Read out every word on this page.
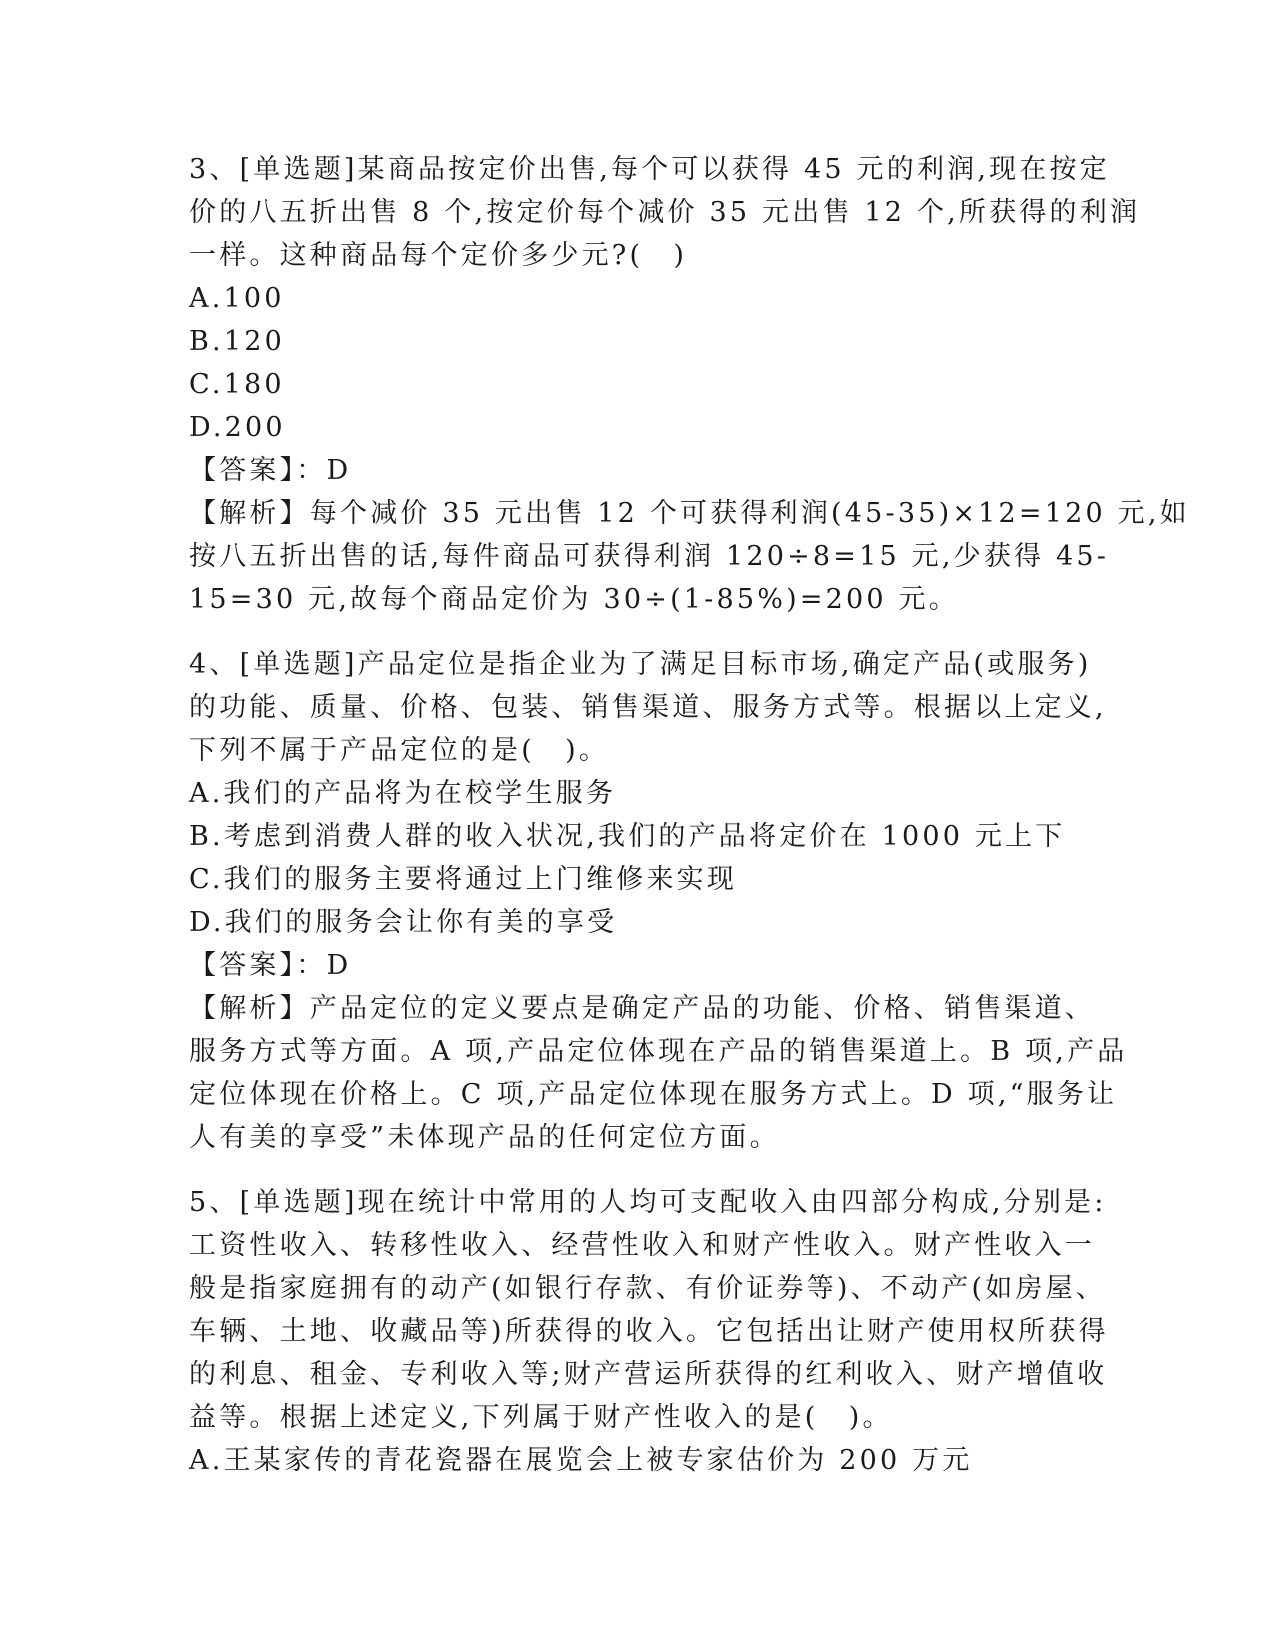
3、[单选题]某商品按定价出售,每个可以获得 45 元的利润,现在按定

价的八五折出售 8 个,按定价每个减价 35 元出售 12 个,所获得的利润

一样。这种商品每个定价多少元?(　)

A.100

B.120

C.180

D.200

【答案】：D

【解析】每个减价 35 元出售 12 个可获得利润(45-35)×12=120 元,如

按八五折出售的话,每件商品可获得利润 120÷8=15 元,少获得 45-

15=30 元,故每个商品定价为 30÷(1-85%)=200 元。

4、[单选题]产品定位是指企业为了满足目标市场,确定产品(或服务)

的功能、质量、价格、包装、销售渠道、服务方式等。根据以上定义,

下列不属于产品定位的是(　)。

A.我们的产品将为在校学生服务

B.考虑到消费人群的收入状况,我们的产品将定价在 1000 元上下

C.我们的服务主要将通过上门维修来实现

D.我们的服务会让你有美的享受

【答案】：D

【解析】产品定位的定义要点是确定产品的功能、价格、销售渠道、

服务方式等方面。A 项,产品定位体现在产品的销售渠道上。B 项,产品

定位体现在价格上。C 项,产品定位体现在服务方式上。D 项,“服务让

人有美的享受”未体现产品的任何定位方面。

5、[单选题]现在统计中常用的人均可支配收入由四部分构成,分别是:

工资性收入、转移性收入、经营性收入和财产性收入。财产性收入一

般是指家庭拥有的动产(如银行存款、有价证券等)、不动产(如房屋、

车辆、土地、收藏品等)所获得的收入。它包括出让财产使用权所获得

的利息、租金、专利收入等;财产营运所获得的红利收入、财产增值收

益等。根据上述定义,下列属于财产性收入的是(　)。

A.王某家传的青花瓷器在展览会上被专家估价为 200 万元
